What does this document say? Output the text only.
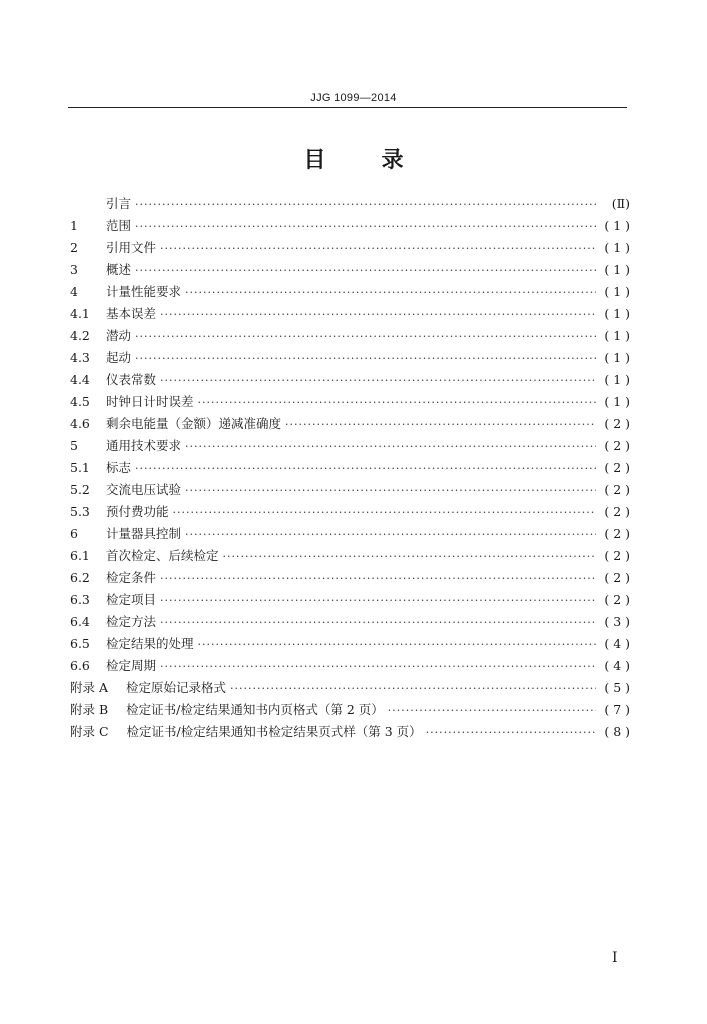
JJG 1099—2014
目	录
引言 ·····	(Ⅱ)
1	范围 ·····	( 1 )
2	引用文件 ·····	( 1 )
3	概述 ·····	( 1 )
4	计量性能要求 ·····	( 1 )
4.1	基本误差 ·····	( 1 )
4.2	潜动 ·····	( 1 )
4.3	起动 ·····	( 1 )
4.4	仪表常数 ·····	( 1 )
4.5	时钟日计时误差 ·····	( 1 )
4.6	剩余电能量（金额）递减准确度 ·····	( 2 )
5	通用技术要求 ·····	( 2 )
5.1	标志 ·····	( 2 )
5.2	交流电压试验 ·····	( 2 )
5.3	预付费功能 ·····	( 2 )
6	计量器具控制 ·····	( 2 )
6.1	首次检定、后续检定 ·····	( 2 )
6.2	检定条件 ·····	( 2 )
6.3	检定项目 ·····	( 2 )
6.4	检定方法 ·····	( 3 )
6.5	检定结果的处理 ·····	( 4 )
6.6	检定周期 ·····	( 4 )
附录 A 检定原始记录格式 ·····	( 5 )
附录 B 检定证书/检定结果通知书内页格式（第 2 页） ·····	( 7 )
附录 C 检定证书/检定结果通知书检定结果页式样（第 3 页） ·····	( 8 )
I
